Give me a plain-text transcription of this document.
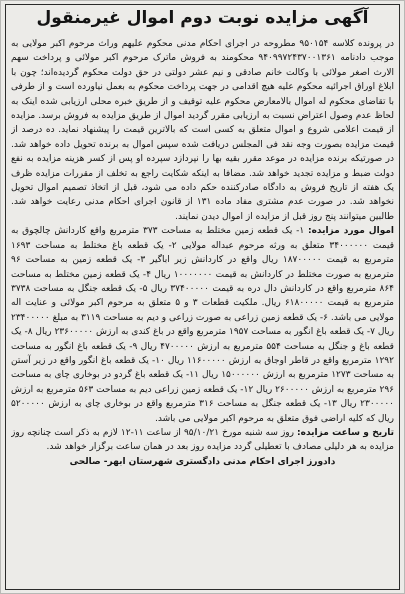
آگهی مزایده نوبت دوم اموال غیرمنقول

در پرونده کلاسه ۹۵۰۱۵۴ مطروحه در اجرای احکام مدنی محکوم علیهم وراث مرحوم اکبر مولایی به موجب دادنامه ۹۴۰۹۹۷۲۴۳۷۰۰۱۳۶۱ محکومند به فروش ماترک مرحوم اکبر مولائی و پرداخت سهم الارث اصغر مولائی با وکالت خانم صادقی و نیم عشر دولتی در حق دولت محکوم گردیده‌اند؛ چون با ابلاغ اوراق اجرائیه محکوم علیه هیچ اقدامی در جهت پرداخت محکوم به بعمل نیاورده است و از طرفی با تقاضای محکوم له اموال بالامعارض محکوم علیه توقیف و از طریق خبره محلی ارزیابی شده اینک به لحاظ عدم وصول اعتراض نسبت به ارزیابی مقرر گردید اموال از طریق مزایده به فروش برسد. مزایده از قیمت اعلامی شروع و اموال متعلق به کسی است که بالاترین قیمت را پیشنهاد نماید. ده درصد از قیمت مزایده بصورت وجه نقد فی المجلس دریافت شده سپس اموال به برنده تحویل داده خواهد شد. در صورتیکه برنده مزایده در موعد مقرر بقیه بها را نپردازد سپرده او پس از کسر هزینه مزایده به نفع دولت ضبط و مزایده تجدید خواهد شد. مضافا به اینکه شکایت راجع به تخلف از مقررات مزایده ظرف یک هفته از تاریخ فروش به دادگاه صادرکننده حکم داده می شود، قبل از اتخاذ تصمیم اموال تحویل نخواهد شد. در صورت عدم مشتری مفاد ماده ۱۳۱ از قانون اجرای احکام مدنی رعایت خواهد شد. طالبین میتوانند پنج روز قبل از مزایده از اموال دیدن نمایند.

اموال مورد مزایده: ۱- یک قطعه زمین مختلط به مساحت ۳۷۳ مترمربع واقع کاردانش چالچوق به قیمت ۳۴۰۰۰۰۰۰ متعلق به ورثه مرحوم عبداله مولایی ۲- یک قطعه باغ مختلط به مساحت ۱۶۹۳ مترمربع به قیمت ۱۸۷۰۰۰۰۰ ریال واقع در کاردانش زیر اباگیر ۳- یک قطعه زمین به مساحت ۹۶ مترمربع به صورت مختلط در کاردانش به قیمت ۱۰۰۰۰۰۰۰ ریال ۴- یک قطعه زمین مختلط به مساحت ۸۶۴ مترمربع واقع در کاردانش دال دره به قیمت ۳۷۴۰۰۰۰۰ ریال ۵- یک قطعه جنگل به مساحت ۳۷۳۸ مترمربع به قیمت ۶۱۸۰۰۰۰۰ ریال. ملکیت قطعات ۳ و ۵ متعلق به مرحوم اکبر مولائی و عنایت اله مولایی می باشد. ۶- یک قطعه زمین زراعی به صورت زراعی و دیم به مساحت ۳۱۱۹ به مبلغ ۲۳۴۰۰۰۰۰ ریال ۷- یک قطعه باغ انگور به مساحت ۱۹۵۷ مترمربع واقع در باغ کندی به ارزش ۲۳۶۰۰۰۰۰ ریال ۸- یک قطعه باغ و جنگل به مساحت ۵۵۴ مترمربع به ارزش ۴۷۰۰۰۰۰ ریال ۹- یک قطعه باغ انگور به مساحت ۱۲۹۲ مترمربع واقع در قاطر اوجاق به ارزش ۱۱۶۰۰۰۰۰ ریال ۱۰- یک قطعه باغ انگور واقع در زیر آستن به مساحت ۱۲۷۳ مترمربع به ارزش ۱۵۰۰۰۰۰۰ ریال ۱۱- یک قطعه باغ گردو در بوخاری چای به مساحت ۲۹۶ مترمربع به ارزش ۲۶۰۰۰۰۰ ریال ۱۲- یک قطعه زمین زراعی دیم به مساحت ۵۶۳ مترمربع به ارزش ۲۳۰۰۰۰۰ ریال ۱۳- یک قطعه جنگل به مساحت ۳۱۶ مترمربع واقع در بوخاری چای به ارزش ۵۲۰۰۰۰۰ ریال که کلیه اراضی فوق متعلق به مرحوم اکبر مولایی می باشد.

تاریخ و ساعت مزایده: روز سه شنبه مورخ ۹۵/۱۰/۲۱ از ساعت ۱۱-۱۲ لازم به ذکر است چنانچه روز مزایده به هر دلیلی مصادف با تعطیلی گردد مزایده روز بعد در همان ساعت برگزار خواهد شد.

دادورز اجرای احکام مدنی دادگستری شهرستان ابهر- صالحی
